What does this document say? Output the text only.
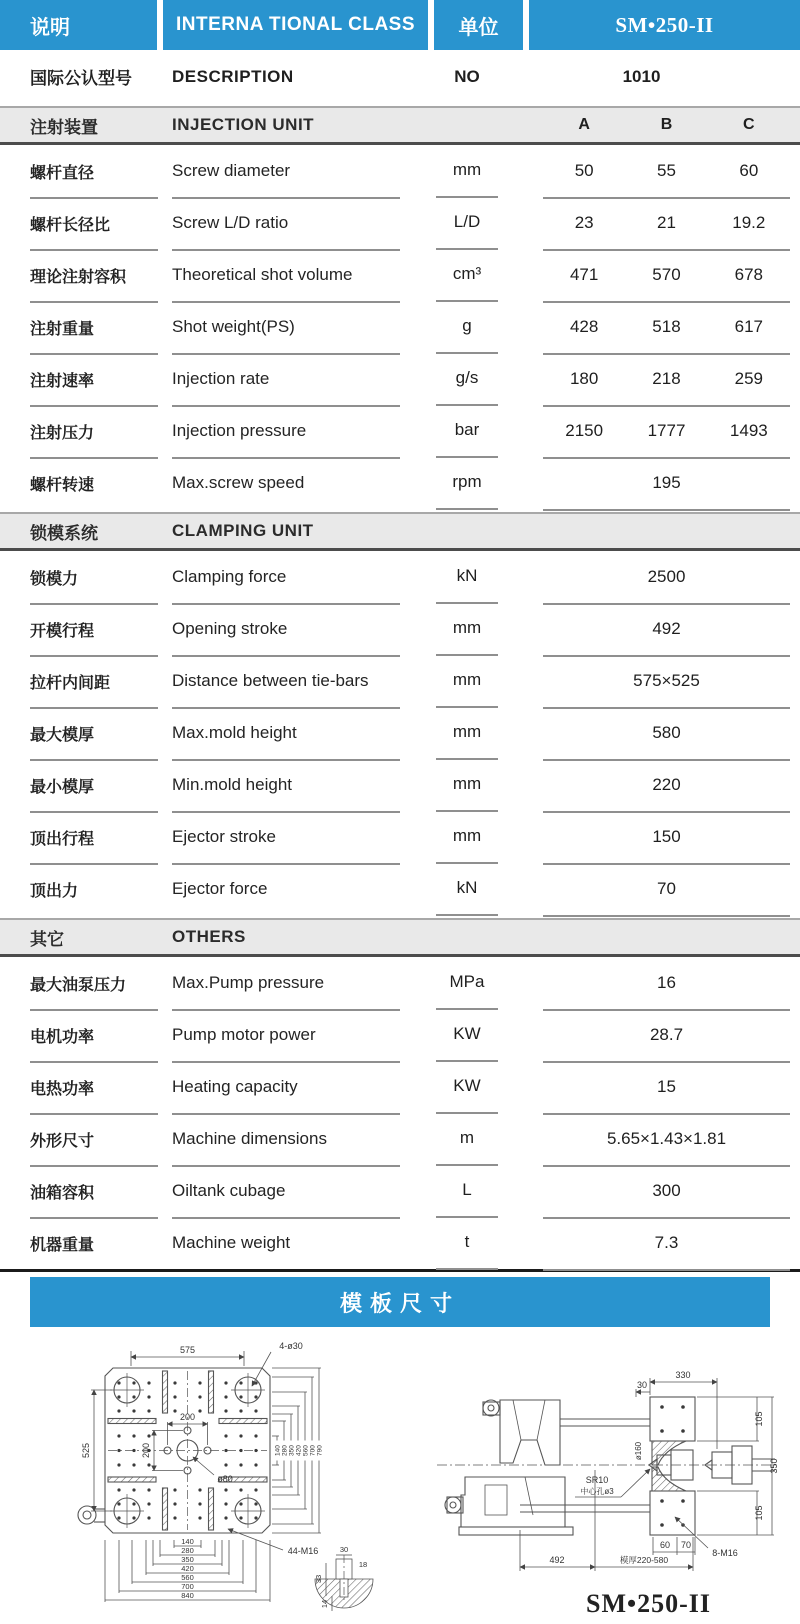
说明	INTERNA TIONAL CLASS	单位	SM•250-II
国际公认型号	DESCRIPTION	NO	1010
注射装置	INJECTION UNIT	A	B	C
螺杆直径	Screw diameter	mm	50	55	60
螺杆长径比	Screw L/D ratio	L/D	23	21	19.2
理论注射容积	Theoretical shot volume	cm³	471	570	678
注射重量	Shot weight(PS)	g	428	518	617
注射速率	Injection rate	g/s	180	218	259
注射压力	Injection pressure	bar	2150	1777	1493
螺杆转速	Max.screw speed	rpm	195
锁模系统	CLAMPING UNIT
锁模力	Clamping force	kN	2500
开模行程	Opening stroke	mm	492
拉杆内间距	Distance between tie-bars	mm	575×525
最大模厚	Max.mold height	mm	580
最小模厚	Min.mold height	mm	220
顶出行程	Ejector stroke	mm	150
顶出力	Ejector force	kN	70
其它	OTHERS
最大油泵压力	Max.Pump pressure	MPa	16
电机功率	Pump motor power	KW	28.7
电热功率	Heating capacity	KW	15
外形尺寸	Machine dimensions	m	5.65×1.43×1.81
油箱容积	Oiltank cubage	L	300
机器重量	Machine weight	t	7.3
模板尺寸
575	4-ø30
525
200
200
ø80
44-M16
140 280 350 420 560 700 790
140
280
350
420
560
700
840
30
18
33
14
330
30
105
350
105
ø160
SR10
中心孔ø3
60 70
8-M16
492	模厚220-580
SM•250-II
